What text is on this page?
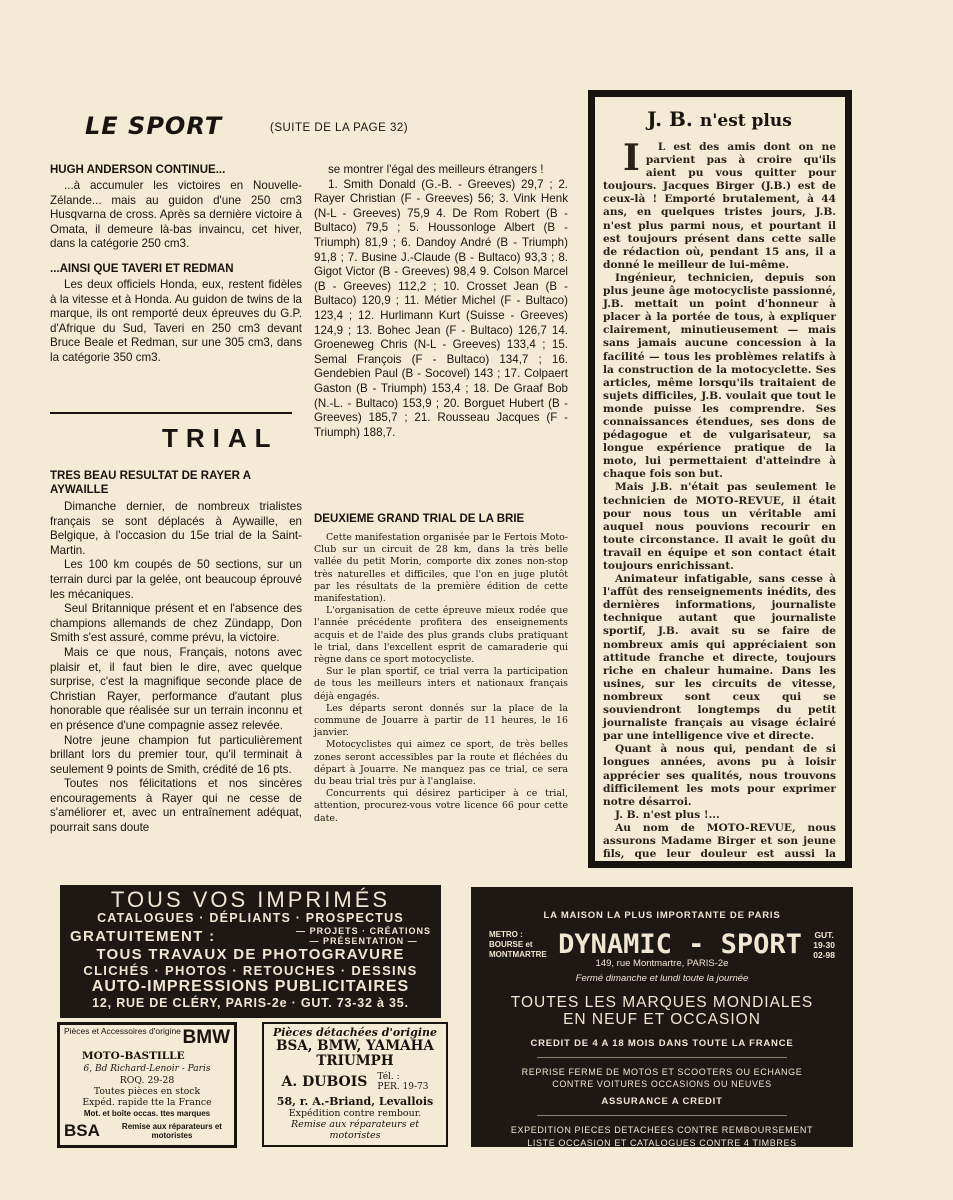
LE SPORT	(SUITE DE LA PAGE 32)
HUGH ANDERSON CONTINUE...

...à accumuler les victoires en Nouvelle-Zélande... mais au guidon d'une 250 cm3 Husqvarna de cross. Après sa dernière victoire à Omata, il demeure là-bas invaincu, cet hiver, dans la catégorie 250 cm3.

...AINSI QUE TAVERI ET REDMAN

Les deux officiels Honda, eux, restent fidèles à la vitesse et à Honda. Au guidon de twins de la marque, ils ont remporté deux épreuves du G.P. d'Afrique du Sud, Taveri en 250 cm3 devant Bruce Beale et Redman, sur une 305 cm3, dans la catégorie 350 cm3.

TRIAL
TRES BEAU RESULTAT DE RAYER A AYWAILLE

Dimanche dernier, de nombreux trialistes français se sont déplacés à Aywaille, en Belgique, à l'occasion du 15e trial de la Saint-Martin.

Les 100 km coupés de 50 sections, sur un terrain durci par la gelée, ont beaucoup éprouvé les mécaniques.

Seul Britannique présent et en l'absence des champions allemands de chez Zündapp, Don Smith s'est assuré, comme prévu, la victoire.

Mais ce que nous, Français, notons avec plaisir et, il faut bien le dire, avec quelque surprise, c'est la magnifique seconde place de Christian Rayer, performance d'autant plus honorable que réalisée sur un terrain inconnu et en présence d'une compagnie assez relevée.

Notre jeune champion fut particulièrement brillant lors du premier tour, qu'il terminait à seulement 9 points de Smith, crédité de 16 pts.

Toutes nos félicitations et nos sincères encouragements à Rayer qui ne cesse de s'améliorer et, avec un entraînement adéquat, pourrait sans doute

se montrer l'égal des meilleurs étrangers !

1. Smith Donald (G.-B. - Greeves) 29,7 ; 2. Rayer Christian (F - Greeves) 56; 3. Vink Henk (N-L - Greeves) 75,9 4. De Rom Robert (B - Bultaco) 79,5 ; 5. Houssonloge Albert (B - Triumph) 81,9 ; 6. Dandoy André (B - Triumph) 91,8 ; 7. Busine J.-Claude (B - Bultaco) 93,3 ; 8. Gigot Victor (B - Greeves) 98,4 9. Colson Marcel (B - Greeves) 112,2 ; 10. Crosset Jean (B - Bultaco) 120,9 ; 11. Métier Michel (F - Bultaco) 123,4 ; 12. Hurlimann Kurt (Suisse - Greeves) 124,9 ; 13. Bohec Jean (F - Bultaco) 126,7 14. Groeneweg Chris (N-L - Greeves) 133,4 ; 15. Semal François (F - Bultaco) 134,7 ; 16. Gendebien Paul (B - Socovel) 143 ; 17. Colpaert Gaston (B - Triumph) 153,4 ; 18. De Graaf Bob (N.-L. - Bultaco) 153,9 ; 20. Borguet Hubert (B - Greeves) 185,7 ; 21. Rousseau Jacques (F - Triumph) 188,7.

DEUXIEME GRAND TRIAL DE LA BRIE

Cette manifestation organisée par le Fertois Moto-Club sur un circuit de 28 km, dans la très belle vallée du petit Morin, comporte dix zones non-stop très naturelles et difficiles, que l'on en juge plutôt par les résultats de la première édition de cette manifestation).

L'organisation de cette épreuve mieux rodée que l'année précédente profitera des enseignements acquis et de l'aide des plus grands clubs pratiquant le trial, dans l'excellent esprit de camaraderie qui règne dans ce sport motocycliste.

Sur le plan sportif, ce trial verra la participation de tous les meilleurs inters et nationaux français déjà engagés.

Les départs seront donnés sur la place de la commune de Jouarre à partir de 11 heures, le 16 janvier.

Motocyclistes qui aimez ce sport, de très belles zones seront accessibles par la route et fléchées du départ à Jouarre. Ne manquez pas ce trial, ce sera du beau trial très pur à l'anglaise.

Concurrents qui désirez participer à ce trial, attention, procurez-vous votre licence 66 pour cette date.

J. B. n'est plus

I L est des amis dont on ne parvient pas à croire qu'ils aient pu vous quitter pour toujours. Jacques Birger (J.B.) est de ceux-là ! Emporté brutalement, à 44 ans, en quelques tristes jours, J.B. n'est plus parmi nous, et pourtant il est toujours présent dans cette salle de rédaction où, pendant 15 ans, il a donné le meilleur de lui-même.

Ingénieur, technicien, depuis son plus jeune âge motocycliste passionné, J.B. mettait un point d'honneur à placer à la portée de tous, à expliquer clairement, minutieusement — mais sans jamais aucune concession à la facilité — tous les problèmes relatifs à la construction de la motocyclette. Ses articles, même lorsqu'ils traitaient de sujets difficiles, J.B. voulait que tout le monde puisse les comprendre. Ses connaissances étendues, ses dons de pédagogue et de vulgarisateur, sa longue expérience pratique de la moto, lui permettaient d'atteindre à chaque fois son but.

Mais J.B. n'était pas seulement le technicien de MOTO-REVUE, il était pour nous tous un véritable ami auquel nous pouvions recourir en toute circonstance. Il avait le goût du travail en équipe et son contact était toujours enrichissant.

Animateur infatigable, sans cesse à l'affût des renseignements inédits, des dernières informations, journaliste technique autant que journaliste sportif, J.B. avait su se faire de nombreux amis qui appréciaient son attitude franche et directe, toujours riche en chaleur humaine. Dans les usines, sur les circuits de vitesse, nombreux sont ceux qui se souviendront longtemps du petit journaliste français au visage éclairé par une intelligence vive et directe.

Quant à nous qui, pendant de si longues années, avons pu à loisir apprécier ses qualités, nous trouvons difficilement les mots pour exprimer notre désarroi.

J. B. n'est plus !...

Au nom de MOTO-REVUE, nous assurons Madame Birger et son jeune fils, que leur douleur est aussi la nôtre.

TOUS VOS IMPRIMÉS
CATALOGUES · DÉPLIANTS · PROSPECTUS
GRATUITEMENT :	— PROJETS · CRÉATIONS
— PRÉSENTATION —
TOUS TRAVAUX DE PHOTOGRAVURE
CLICHÉS · PHOTOS · RETOUCHES · DESSINS
AUTO-IMPRESSIONS PUBLICITAIRES
12, RUE DE CLÉRY, PARIS-2e · GUT. 73-32 à 35.
Pièces et Accessoires d'origine BMW
MOTO-BASTILLE
6, Bd Richard-Lenoir - Paris
ROQ. 29-28
Toutes pièces en stock
Expéd. rapide tte la France
Mot. et boîte occas. ttes marques
BSA	Remise aux réparateurs et motoristes
Pièces détachées d'origine
BSA, BMW, YAMAHA
TRIUMPH
A. DUBOIS Tél. :
PER. 19-73
58, r. A.-Briand, Levallois
Expédition contre rembour.
Remise aux réparateurs et motoristes
LA MAISON LA PLUS IMPORTANTE DE PARIS
METRO :
BOURSE et
MONTMARTRE DYNAMIC - SPORT GUT.
19-30
02-98
149, rue Montmartre, PARIS-2e
Fermé dimanche et lundi toute la journée
TOUTES LES MARQUES MONDIALES
EN NEUF ET OCCASION
CREDIT DE 4 A 18 MOIS DANS TOUTE LA FRANCE
REPRISE FERME DE MOTOS ET SCOOTERS OU ECHANGE
CONTRE VOITURES OCCASIONS OU NEUVES
ASSURANCE A CREDIT
EXPEDITION PIECES DETACHEES CONTRE REMBOURSEMENT
LISTE OCCASION ET CATALOGUES CONTRE 4 TIMBRES
